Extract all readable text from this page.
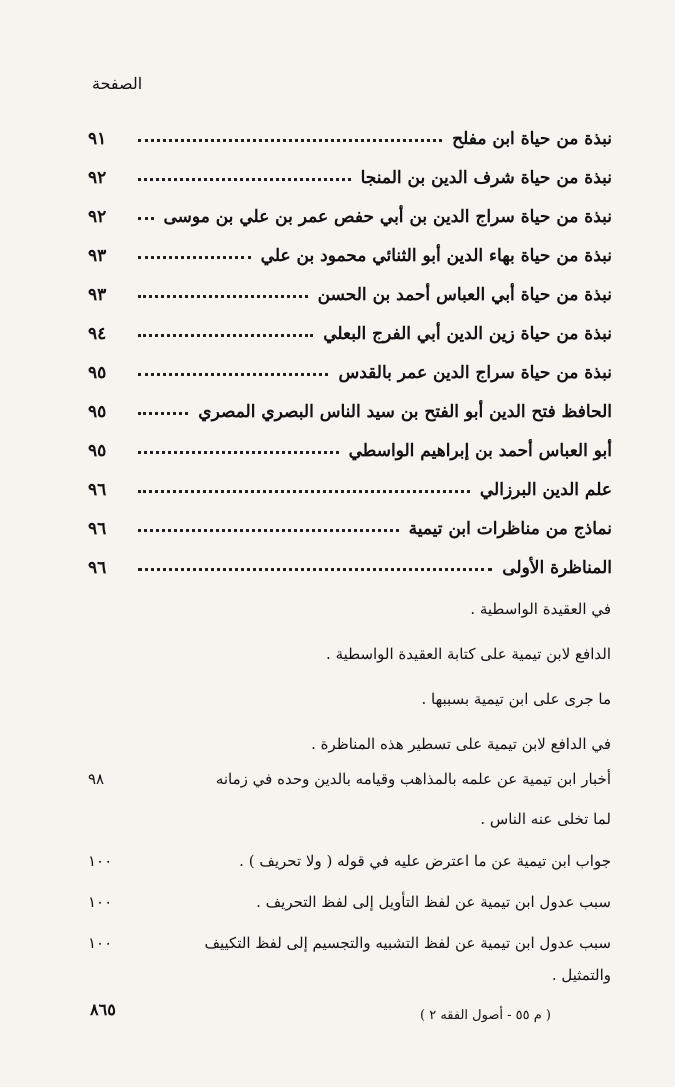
الصفحة
نبذة من حياة ابن مفلح
٩١
نبذة من حياة شرف الدين بن المنجا
٩٢
نبذة من حياة سراج الدين بن أبي حفص عمر بن علي بن موسى
٩٢
نبذة من حياة بهاء الدين أبو الثنائي محمود بن علي
٩٣
نبذة من حياة أبي العباس أحمد بن الحسن
٩٣
نبذة من حياة زين الدين أبي الفرج البعلي
٩٤
نبذة من حياة سراج الدين عمر بالقدس
٩٥
الحافظ فتح الدين أبو الفتح بن سيد الناس البصري المصري
٩٥
أبو العباس أحمد بن إبراهيم الواسطي
٩٥
علم الدين البرزالي
٩٦
نماذج من مناظرات ابن تيمية
٩٦
المناظرة الأولى
٩٦
في العقيدة الواسطية .
الدافع لابن تيمية على كتابة العقيدة الواسطية .
ما جرى على ابن تيمية بسببها .
في الدافع لابن تيمية على تسطير هذه المناظرة .
أخبار ابن تيمية عن علمه بالمذاهب وقيامه بالدين وحده في زمانه
٩٨
لما تخلى عنه الناس .
جواب ابن تيمية عن ما اعترض عليه في قوله ( ولا تحريف ) .
١٠٠
سبب عدول ابن تيمية عن لفظ التأويل إلى لفظ التحريف .
١٠٠
سبب عدول ابن تيمية عن لفظ التشبيه والتجسيم إلى لفظ التكييف
١٠٠
والتمثيل .
٨٦٥	( م ٥٥ - أصول الفقه ٢ )
